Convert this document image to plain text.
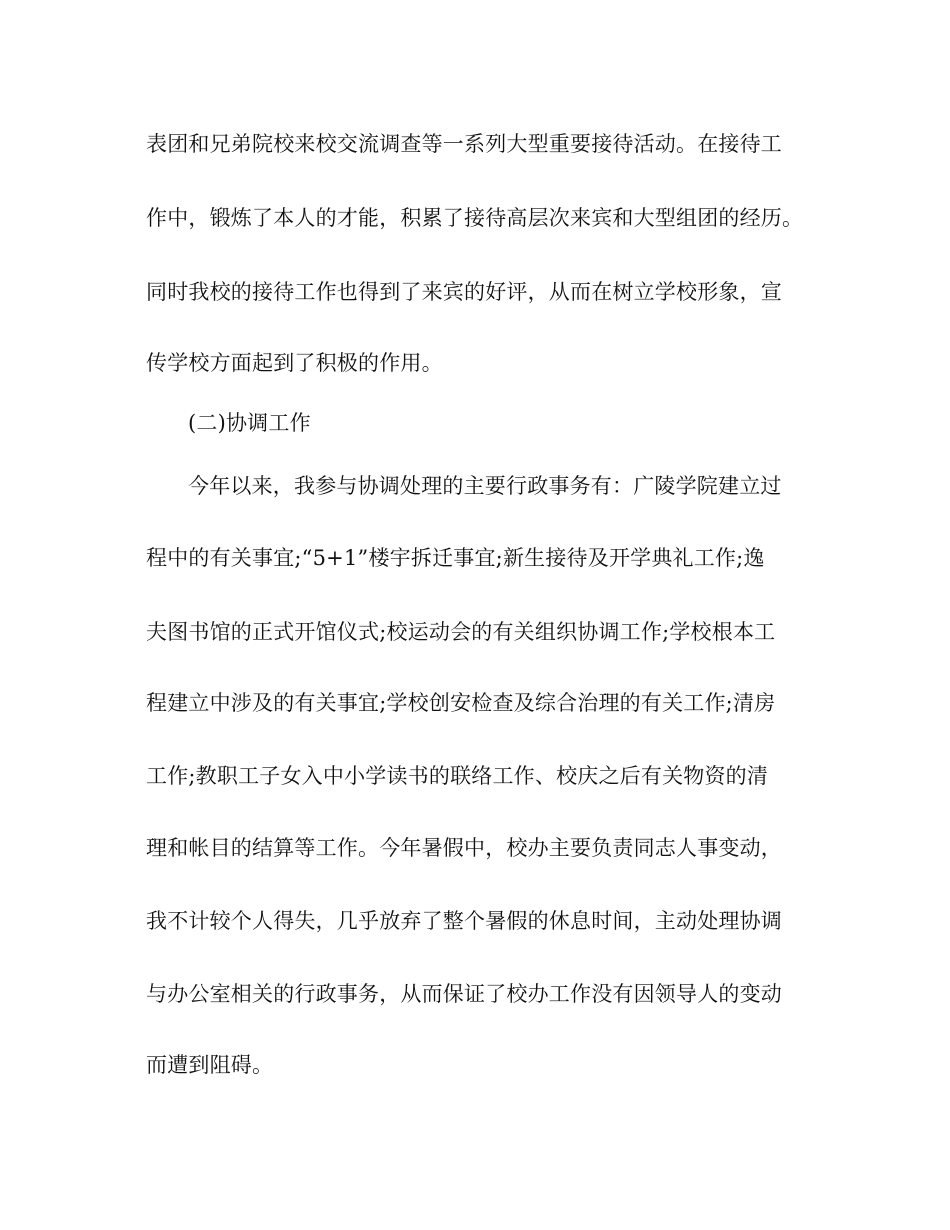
表团和兄弟院校来校交流调查等一系列大型重要接待活动。在接待工
作中，锻炼了本人的才能，积累了接待高层次来宾和大型组团的经历。
同时我校的接待工作也得到了来宾的好评，从而在树立学校形象，宣
传学校方面起到了积极的作用。
(二)协调工作
今年以来，我参与协调处理的主要行政事务有：广陵学院建立过
程中的有关事宜;“5+1”楼宇拆迁事宜;新生接待及开学典礼工作;逸
夫图书馆的正式开馆仪式;校运动会的有关组织协调工作;学校根本工
程建立中涉及的有关事宜;学校创安检查及综合治理的有关工作;清房
工作;教职工子女入中小学读书的联络工作、校庆之后有关物资的清
理和帐目的结算等工作。今年暑假中，校办主要负责同志人事变动，
我不计较个人得失，几乎放弃了整个暑假的休息时间，主动处理协调
与办公室相关的行政事务，从而保证了校办工作没有因领导人的变动
而遭到阻碍。
